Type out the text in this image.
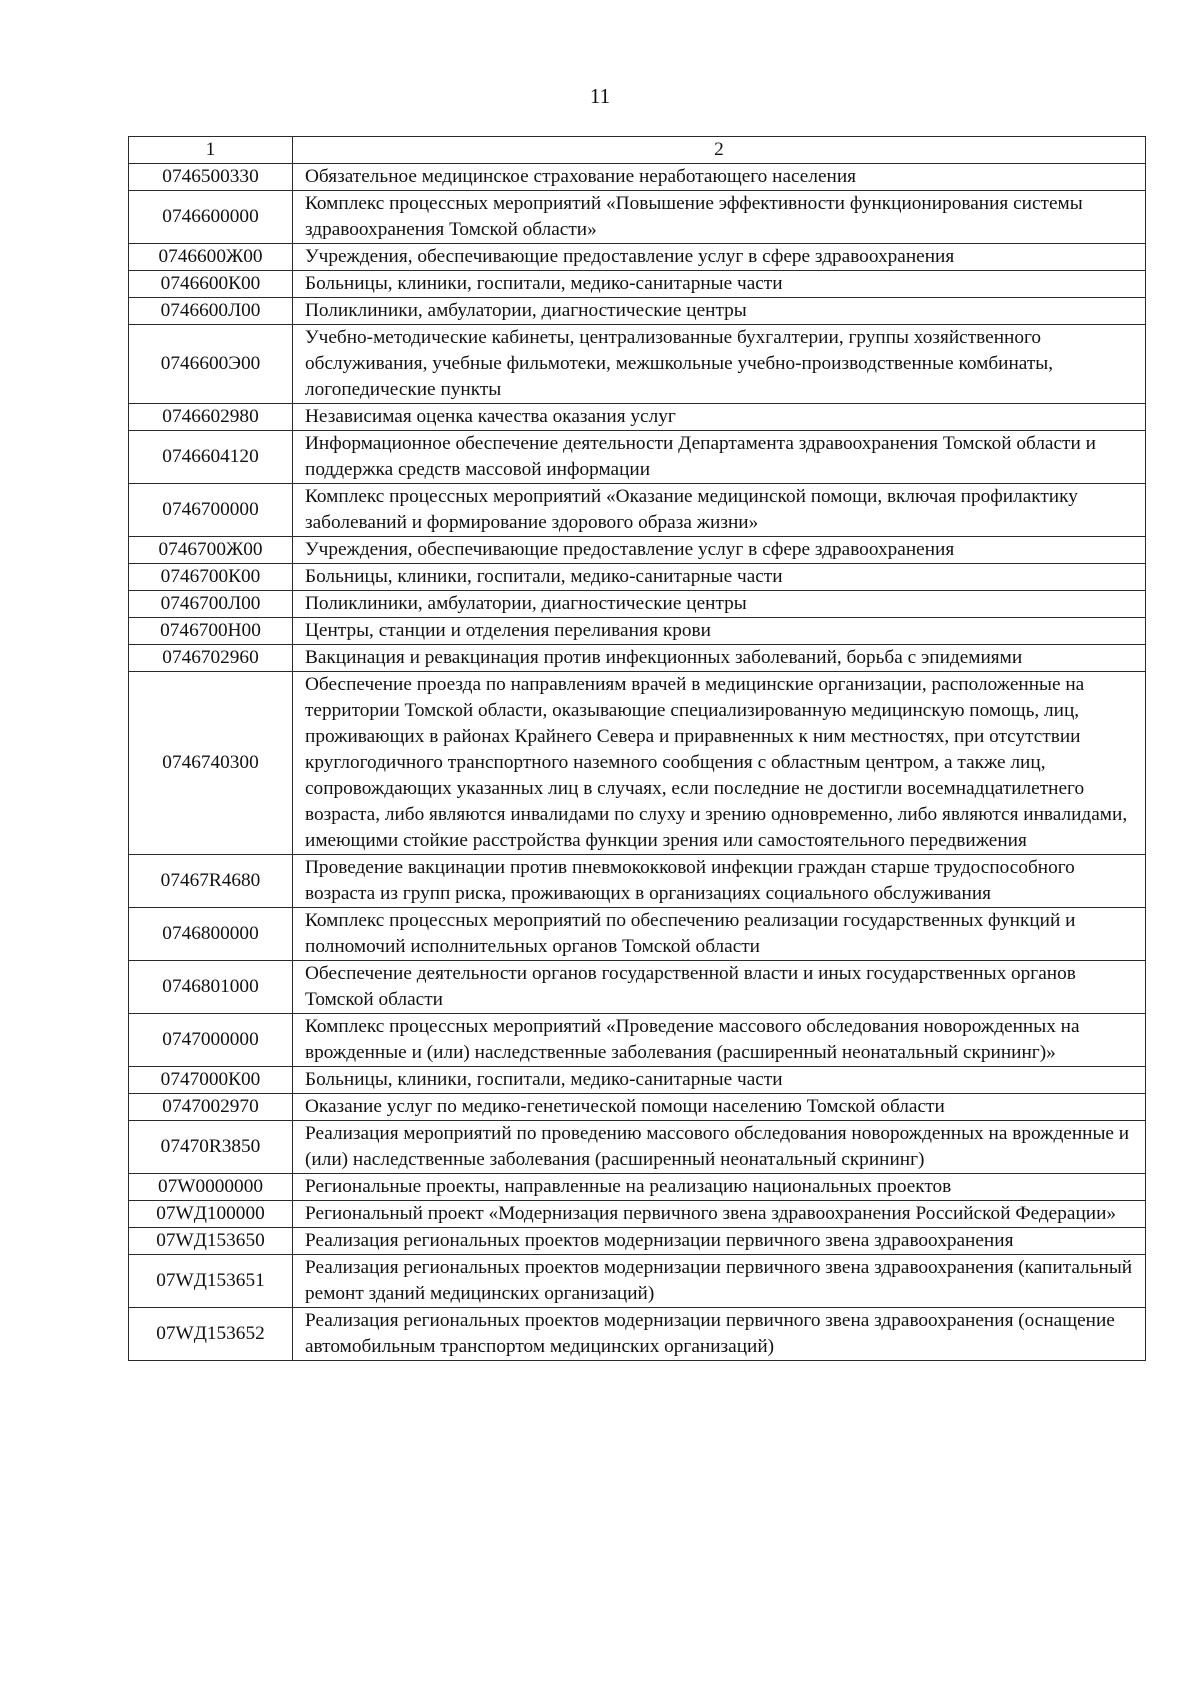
11
1	2
0746500330	Обязательное медицинское страхование неработающего населения
0746600000	Комплекс процессных мероприятий «Повышение эффективности функционирования системы здравоохранения Томской области»
0746600Ж00	Учреждения, обеспечивающие предоставление услуг в сфере здравоохранения
0746600К00	Больницы, клиники, госпитали, медико-санитарные части
0746600Л00	Поликлиники, амбулатории, диагностические центры
0746600Э00	Учебно-методические кабинеты, централизованные бухгалтерии, группы хозяйственного обслуживания, учебные фильмотеки, межшкольные учебно-производственные комбинаты, логопедические пункты
0746602980	Независимая оценка качества оказания услуг
0746604120	Информационное обеспечение деятельности Департамента здравоохранения Томской области и поддержка средств массовой информации
0746700000	Комплекс процессных мероприятий «Оказание медицинской помощи, включая профилактику заболеваний и формирование здорового образа жизни»
0746700Ж00	Учреждения, обеспечивающие предоставление услуг в сфере здравоохранения
0746700К00	Больницы, клиники, госпитали, медико-санитарные части
0746700Л00	Поликлиники, амбулатории, диагностические центры
0746700Н00	Центры, станции и отделения переливания крови
0746702960	Вакцинация и ревакцинация против инфекционных заболеваний, борьба с эпидемиями
0746740300	Обеспечение проезда по направлениям врачей в медицинские организации, расположенные на территории Томской области, оказывающие специализированную медицинскую помощь, лиц, проживающих в районах Крайнего Севера и приравненных к ним местностях, при отсутствии круглогодичного транспортного наземного сообщения с областным центром, а также лиц, сопровождающих указанных лиц в случаях, если последние не достигли восемнадцатилетнего возраста, либо являются инвалидами по слуху и зрению одновременно, либо являются инвалидами, имеющими стойкие расстройства функции зрения или самостоятельного передвижения
07467R4680	Проведение вакцинации против пневмококковой инфекции граждан старше трудоспособного возраста из групп риска, проживающих в организациях социального обслуживания
0746800000	Комплекс процессных мероприятий по обеспечению реализации государственных функций и полномочий исполнительных органов Томской области
0746801000	Обеспечение деятельности органов государственной власти и иных государственных органов Томской области
0747000000	Комплекс процессных мероприятий «Проведение массового обследования новорожденных на врожденные и (или) наследственные заболевания (расширенный неонатальный скрининг)»
0747000К00	Больницы, клиники, госпитали, медико-санитарные части
0747002970	Оказание услуг по медико-генетической помощи населению Томской области
07470R3850	Реализация мероприятий по проведению массового обследования новорожденных на врожденные и (или) наследственные заболевания (расширенный неонатальный скрининг)
07W0000000	Региональные проекты, направленные на реализацию национальных проектов
07WД100000	Региональный проект «Модернизация первичного звена здравоохранения Российской Федерации»
07WД153650	Реализация региональных проектов модернизации первичного звена здравоохранения
07WД153651	Реализация региональных проектов модернизации первичного звена здравоохранения (капитальный ремонт зданий медицинских организаций)
07WД153652	Реализация региональных проектов модернизации первичного звена здравоохранения (оснащение автомобильным транспортом медицинских организаций)
